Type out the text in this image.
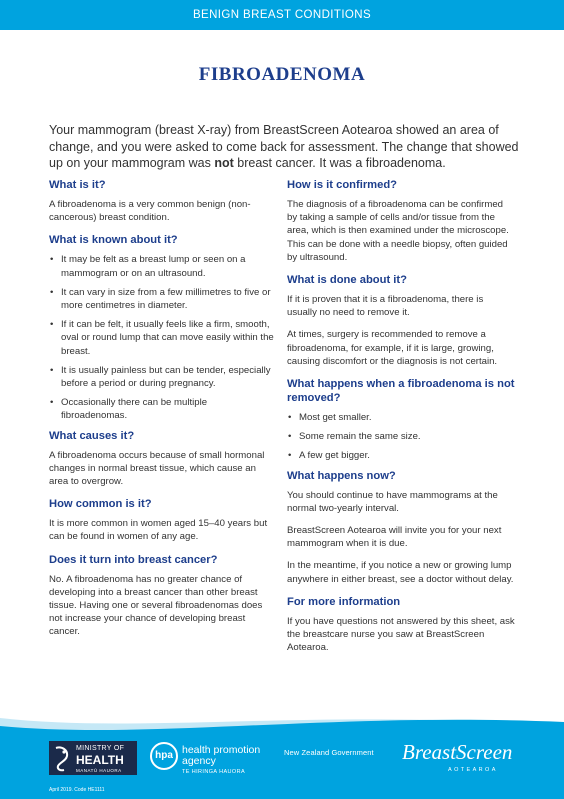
BENIGN BREAST CONDITIONS
FIBROADENOMA
Your mammogram (breast X-ray) from BreastScreen Aotearoa showed an area of change, and you were asked to come back for assessment. The change that showed up on your mammogram was not breast cancer. It was a fibroadenoma.
What is it?

A fibroadenoma is a very common benign (non-cancerous) breast condition.

What is known about it?
• It may be felt as a breast lump or seen on a mammogram or on an ultrasound.
• It can vary in size from a few millimetres to five or more centimetres in diameter.
• If it can be felt, it usually feels like a firm, smooth, oval or round lump that can move easily within the breast.
• It is usually painless but can be tender, especially before a period or during pregnancy.
• Occasionally there can be multiple fibroadenomas.
What causes it?

A fibroadenoma occurs because of small hormonal changes in normal breast tissue, which cause an area to overgrow.

How common is it?

It is more common in women aged 15–40 years but can be found in women of any age.

Does it turn into breast cancer?

No. A fibroadenoma has no greater chance of developing into a breast cancer than other breast tissue. Having one or several fibroadenomas does not increase your chance of developing breast cancer.

How is it confirmed?

The diagnosis of a fibroadenoma can be confirmed by taking a sample of cells and/or tissue from the area, which is then examined under the microscope. This can be done with a needle biopsy, often guided by ultrasound.

What is done about it?

If it is proven that it is a fibroadenoma, there is usually no need to remove it.

At times, surgery is recommended to remove a fibroadenoma, for example, if it is large, growing, causing discomfort or the diagnosis is not certain.

What happens when a fibroadenoma is not removed?
• Most get smaller.
• Some remain the same size.
• A few get bigger.
What happens now?

You should continue to have mammograms at the normal two-yearly interval.

BreastScreen Aotearoa will invite you for your next mammogram when it is due.

In the meantime, if you notice a new or growing lump anywhere in either breast, see a doctor without delay.

For more information

If you have questions not answered by this sheet, ask the breastcare nurse you saw at BreastScreen Aotearoa.

MINISTRY OF
HEALTH
MANATŪ HAUORA
hpa health promotion
agency
TE HIRINGA HAUORA
New Zealand Government BreastScreen
AOTEAROA
April 2019. Code HE1111
